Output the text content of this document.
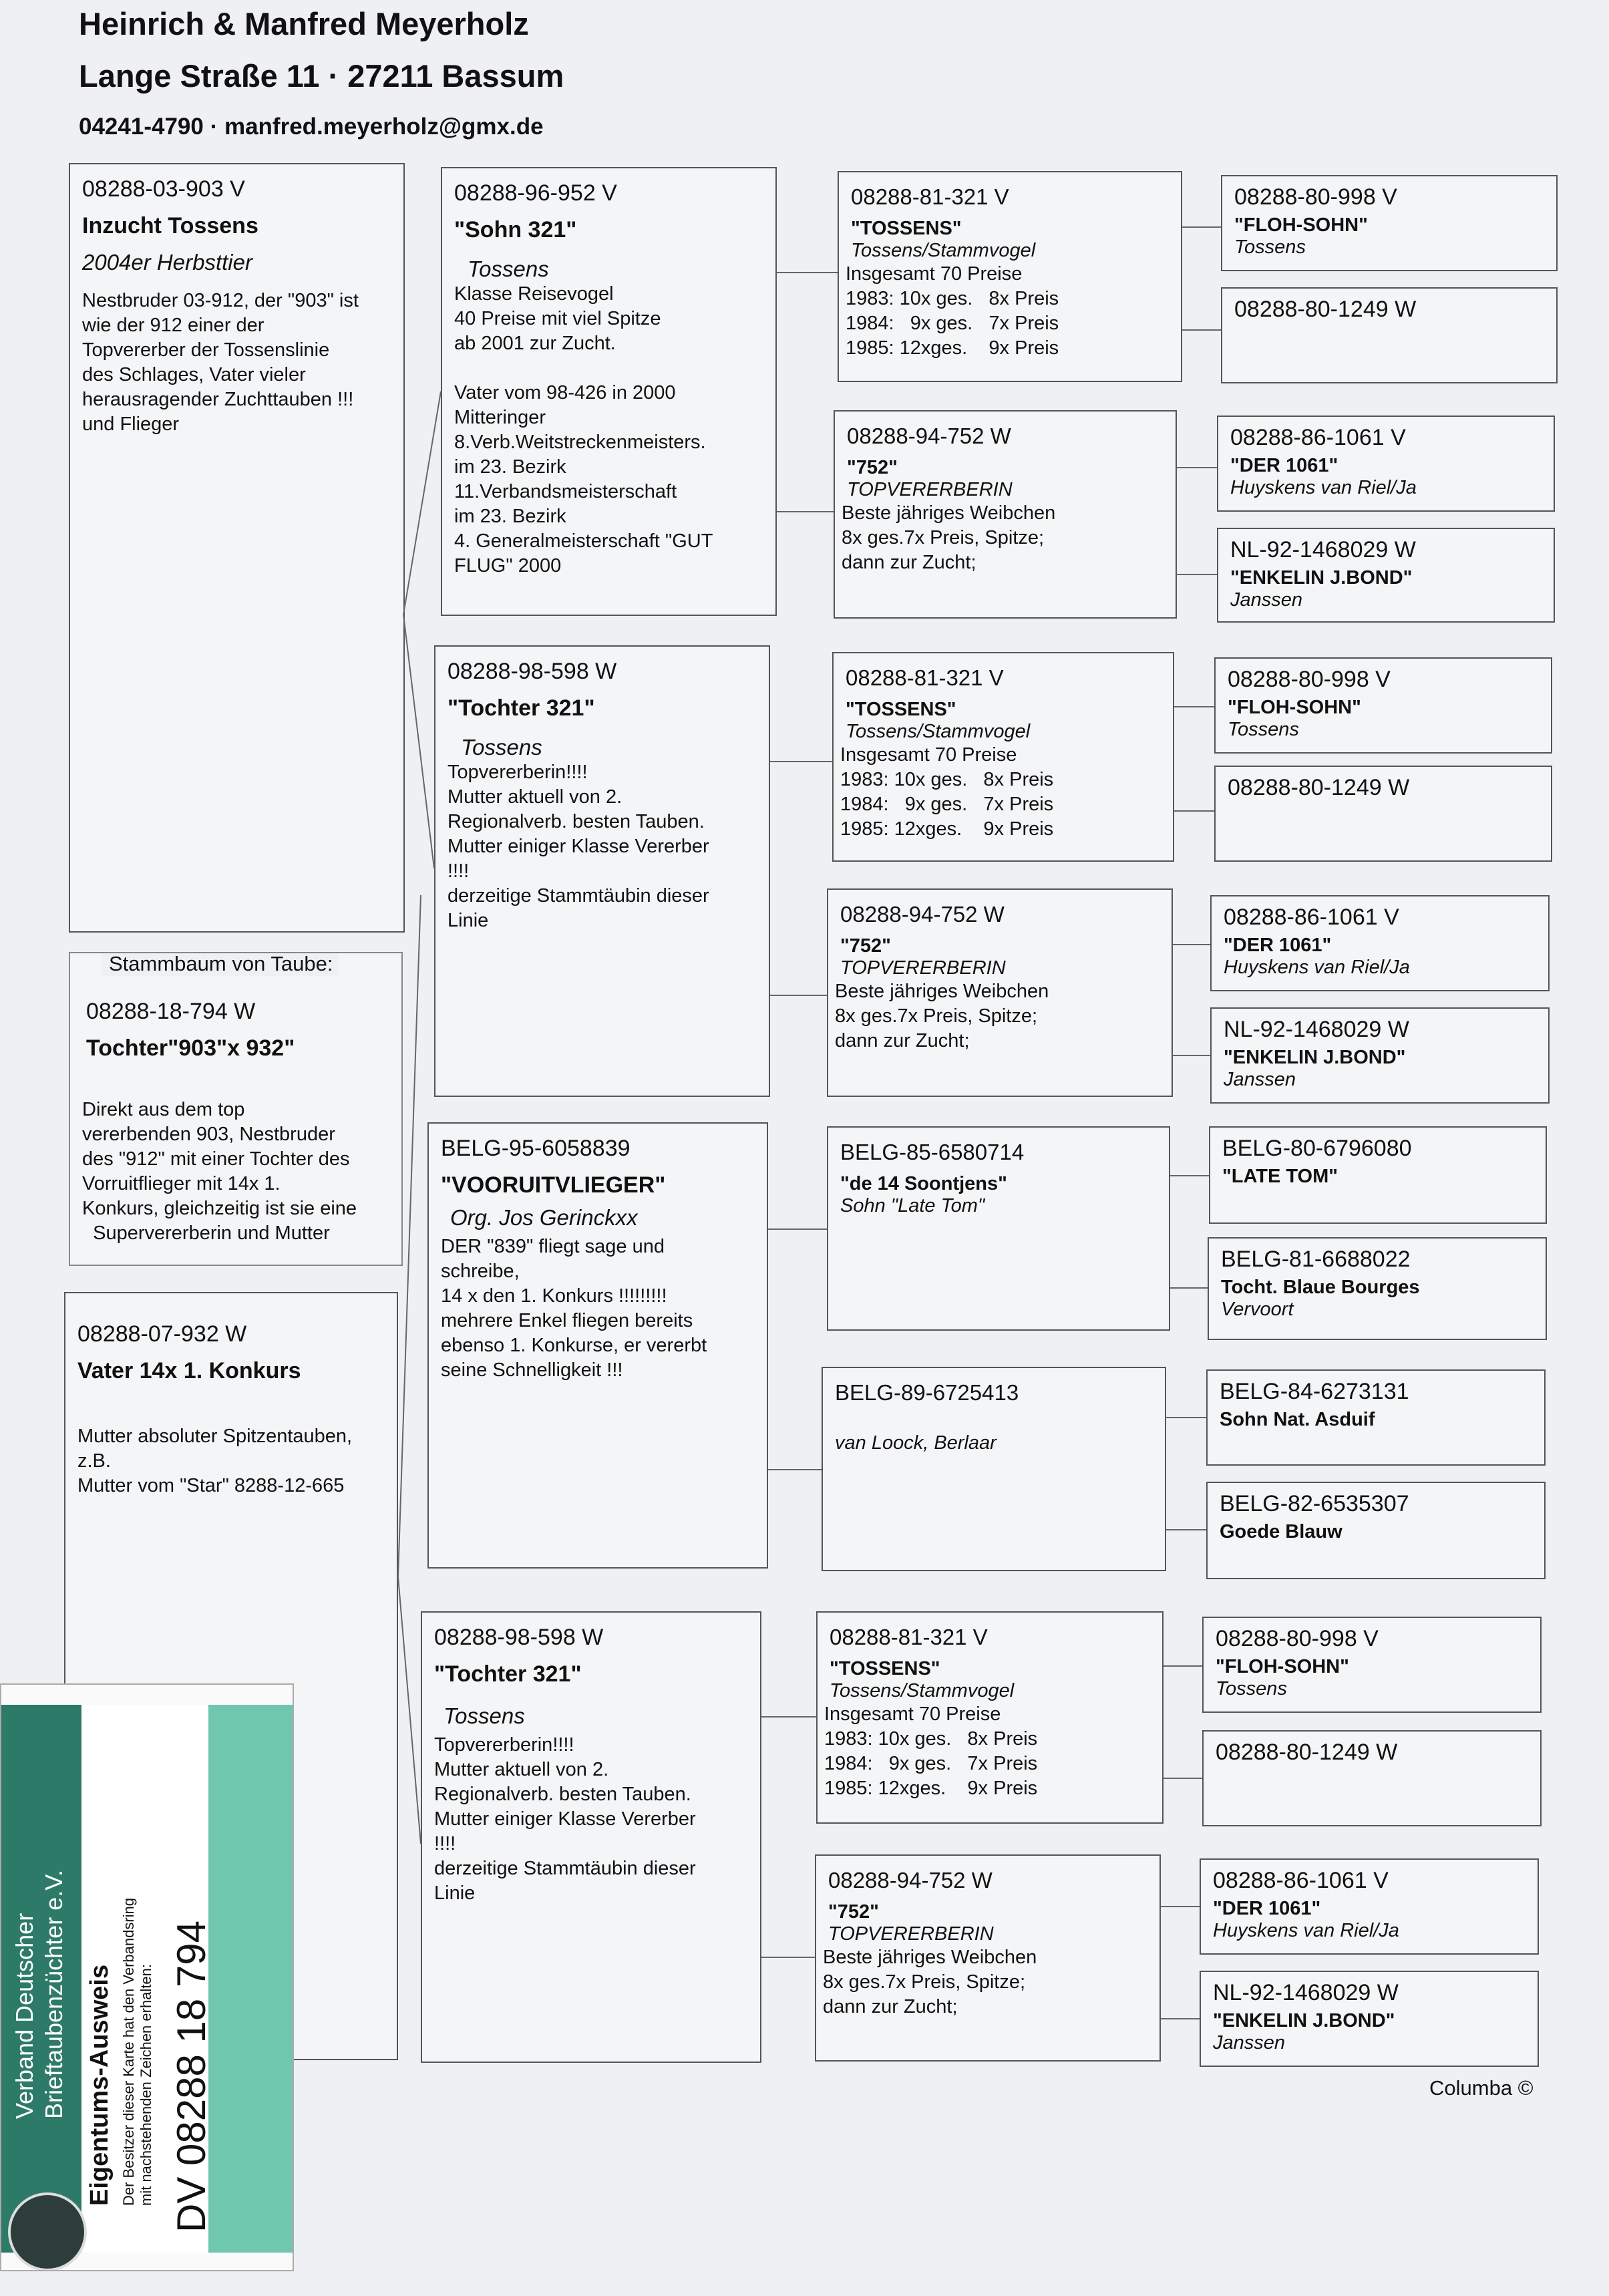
Heinrich & Manfred Meyerholz
Lange Straße 11 · 27211 Bassum
04241-4790 · manfred.meyerholz@gmx.de
08288-03-903 V
Inzucht Tossens
2004er Herbsttier
Nestbruder 03-912, der "903" ist
wie der 912 einer der
Topvererber der Tossenslinie
des Schlages, Vater vieler
herausragender Zuchttauben !!!
und Flieger
Stammbaum von Taube:
08288-18-794 W
Tochter"903"x 932"
Direkt aus dem top
vererbenden 903, Nestbruder
des "912" mit einer Tochter des
Vorruitflieger mit 14x 1.
Konkurs, gleichzeitig ist sie eine
Supervererberin und Mutter
08288-07-932 W
Vater 14x 1. Konkurs
Mutter absoluter Spitzentauben,
z.B.
Mutter vom "Star" 8288-12-665
08288-96-952 V
"Sohn 321"
Tossens
Klasse Reisevogel
40 Preise mit viel Spitze
ab 2001 zur Zucht.
Vater vom 98-426 in 2000
Mitteringer
8.Verb.Weitstreckenmeisters.
im 23. Bezirk
11.Verbandsmeisterschaft
im 23. Bezirk
4. Generalmeisterschaft "GUT
FLUG" 2000
08288-98-598 W
"Tochter 321"
Tossens
Topvererberin!!!!
Mutter aktuell von 2.
Regionalverb. besten Tauben.
Mutter einiger Klasse Vererber
!!!!
derzeitige Stammtäubin dieser
Linie
BELG-95-6058839
"VOORUITVLIEGER"
Org. Jos Gerinckxx
DER "839" fliegt sage und
schreibe,
14 x den 1. Konkurs !!!!!!!!!
mehrere Enkel fliegen bereits
ebenso 1. Konkurse, er vererbt
seine Schnelligkeit !!!
08288-98-598 W
"Tochter 321"
Tossens
Topvererberin!!!!
Mutter aktuell von 2.
Regionalverb. besten Tauben.
Mutter einiger Klasse Vererber
!!!!
derzeitige Stammtäubin dieser
Linie
08288-81-321 V
"TOSSENS"
Tossens/Stammvogel
Insgesamt 70 Preise
1983: 10x ges.   8x Preis
1984:   9x ges.   7x Preis
1985: 12xges.    9x Preis
08288-94-752 W
"752"
TOPVERERBERIN
Beste jähriges Weibchen
8x ges.7x Preis, Spitze;
dann zur Zucht;
08288-81-321 V
"TOSSENS"
Tossens/Stammvogel
Insgesamt 70 Preise
1983: 10x ges.   8x Preis
1984:   9x ges.   7x Preis
1985: 12xges.    9x Preis
08288-94-752 W
"752"
TOPVERERBERIN
Beste jähriges Weibchen
8x ges.7x Preis, Spitze;
dann zur Zucht;
BELG-85-6580714
"de 14 Soontjens"
Sohn "Late Tom"
BELG-89-6725413
van Loock, Berlaar
08288-81-321 V
"TOSSENS"
Tossens/Stammvogel
Insgesamt 70 Preise
1983: 10x ges.   8x Preis
1984:   9x ges.   7x Preis
1985: 12xges.    9x Preis
08288-94-752 W
"752"
TOPVERERBERIN
Beste jähriges Weibchen
8x ges.7x Preis, Spitze;
dann zur Zucht;
08288-80-998 V
"FLOH-SOHN"
Tossens
08288-80-1249 W
08288-86-1061 V
"DER 1061"
Huyskens van Riel/Ja
NL-92-1468029 W
"ENKELIN J.BOND"
Janssen
08288-80-998 V
"FLOH-SOHN"
Tossens
08288-80-1249 W
08288-86-1061 V
"DER 1061"
Huyskens van Riel/Ja
NL-92-1468029 W
"ENKELIN J.BOND"
Janssen
BELG-80-6796080
"LATE TOM"
BELG-81-6688022
Tocht. Blaue Bourges
Vervoort
BELG-84-6273131
Sohn Nat. Asduif
BELG-82-6535307
Goede Blauw
08288-80-998 V
"FLOH-SOHN"
Tossens
08288-80-1249 W
08288-86-1061 V
"DER 1061"
Huyskens van Riel/Ja
NL-92-1468029 W
"ENKELIN J.BOND"
Janssen
Verband Deutscher Brieftaubenzüchter e.V. Eigentums-Ausweis Der Besitzer dieser Karte hat den Verbandsring mit nachstehenden Zeichen erhalten: DV 08288 18 794	Columba ©
